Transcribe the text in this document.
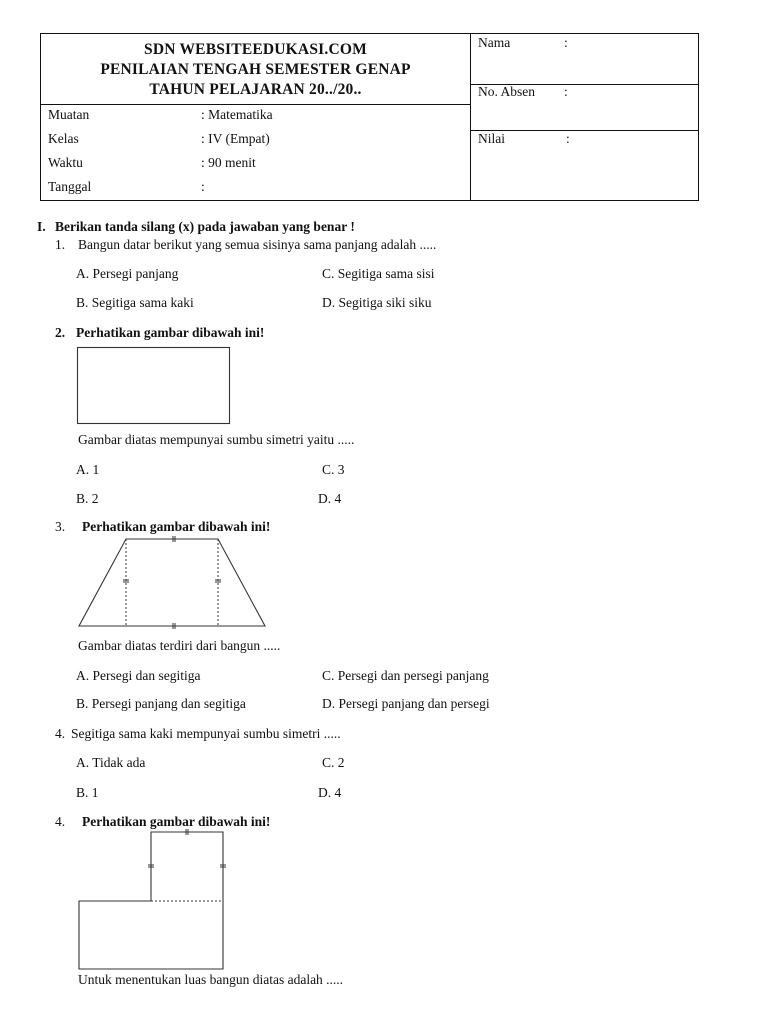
SDN WEBSITEEDUKASI.COM
PENILAIAN TENGAH SEMESTER GENAP
TAHUN PELAJARAN 20../20..
Muatan	: Matematika
Kelas	: IV (Empat)
Waktu	: 90 menit
Tanggal	:
Nama	:
No. Absen :
Nilai	:
I. Berikan tanda silang (x) pada jawaban yang benar !
1. Bangun datar berikut yang semua sisinya sama panjang adalah .....
A. Persegi panjang	C. Segitiga sama sisi
B. Segitiga sama kaki	D. Segitiga siki siku
2. Perhatikan gambar dibawah ini!
Gambar diatas mempunyai sumbu simetri yaitu .....
A. 1	C. 3
B. 2	D. 4
3. Perhatikan gambar dibawah ini!
Gambar diatas terdiri dari bangun .....
A. Persegi dan segitiga	C. Persegi dan persegi panjang
B. Persegi panjang dan segitiga	D. Persegi panjang dan persegi
4. Segitiga sama kaki mempunyai sumbu simetri .....
A. Tidak ada	C. 2
B. 1	D. 4
4. Perhatikan gambar dibawah ini!
Untuk menentukan luas bangun diatas adalah .....
